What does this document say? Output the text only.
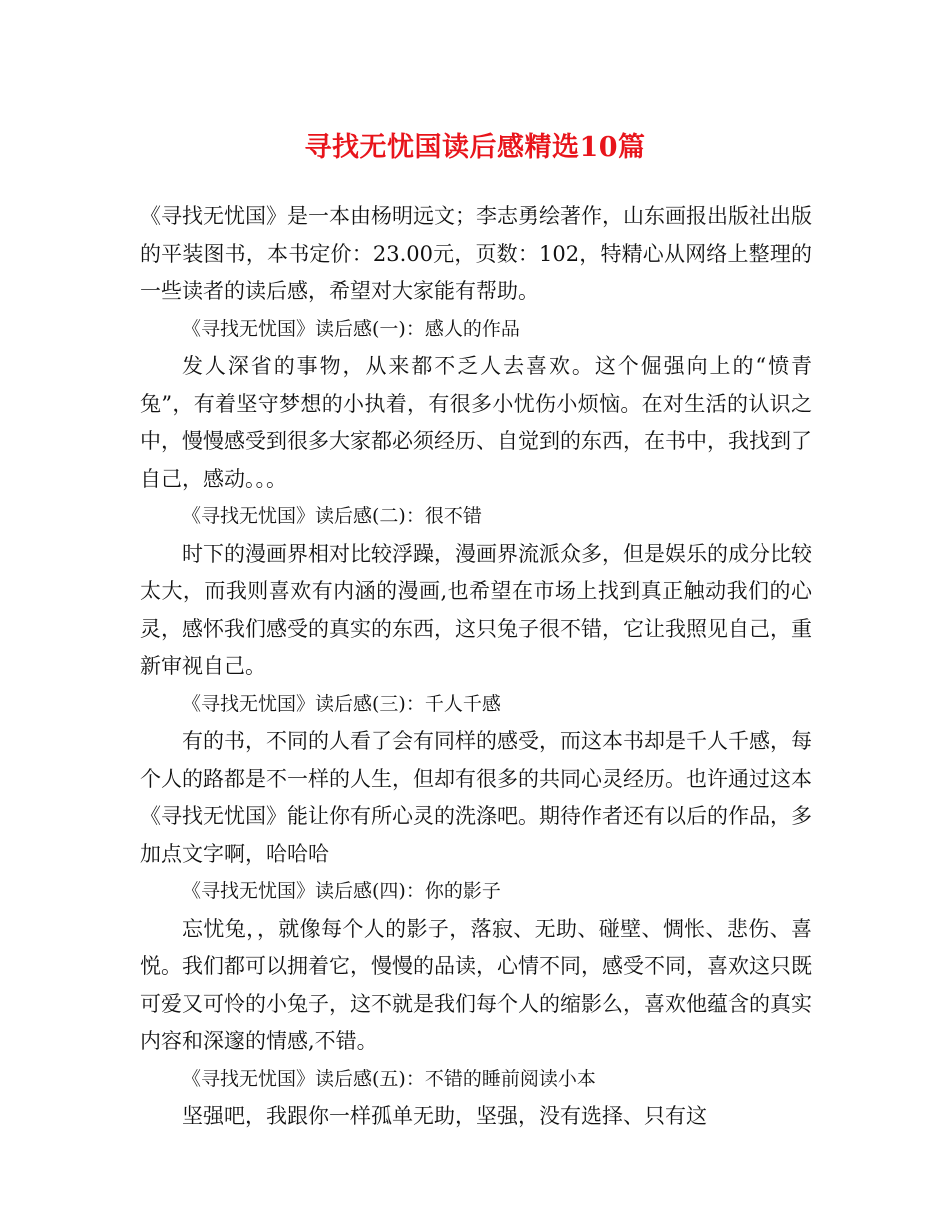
寻找无忧国读后感精选10篇

《寻找无忧国》是一本由杨明远文；李志勇绘著作，山东画报出版社出版的平装图书，本书定价：23.00元，页数：102，特精心从网络上整理的一些读者的读后感，希望对大家能有帮助。

《寻找无忧国》读后感(一)：感人的作品

发人深省的事物，从来都不乏人去喜欢。这个倔强向上的“愤青兔”，有着坚守梦想的小执着，有很多小忧伤小烦恼。在对生活的认识之中，慢慢感受到很多大家都必须经历、自觉到的东西，在书中，我找到了自己，感动。。。

《寻找无忧国》读后感(二)：很不错

时下的漫画界相对比较浮躁，漫画界流派众多，但是娱乐的成分比较太大，而我则喜欢有内涵的漫画,也希望在市场上找到真正触动我们的心灵，感怀我们感受的真实的东西，这只兔子很不错，它让我照见自己，重新审视自己。

《寻找无忧国》读后感(三)：千人千感

有的书，不同的人看了会有同样的感受，而这本书却是千人千感，每个人的路都是不一样的人生，但却有很多的共同心灵经历。也许通过这本《寻找无忧国》能让你有所心灵的洗涤吧。期待作者还有以后的作品，多加点文字啊，哈哈哈

《寻找无忧国》读后感(四)：你的影子

忘忧兔，，就像每个人的影子，落寂、无助、碰壁、惆怅、悲伤、喜悦。我们都可以拥着它，慢慢的品读，心情不同，感受不同，喜欢这只既可爱又可怜的小兔子，这不就是我们每个人的缩影么，喜欢他蕴含的真实内容和深邃的情感,不错。

《寻找无忧国》读后感(五)：不错的睡前阅读小本

坚强吧，我跟你一样孤单无助，坚强，没有选择、只有这
